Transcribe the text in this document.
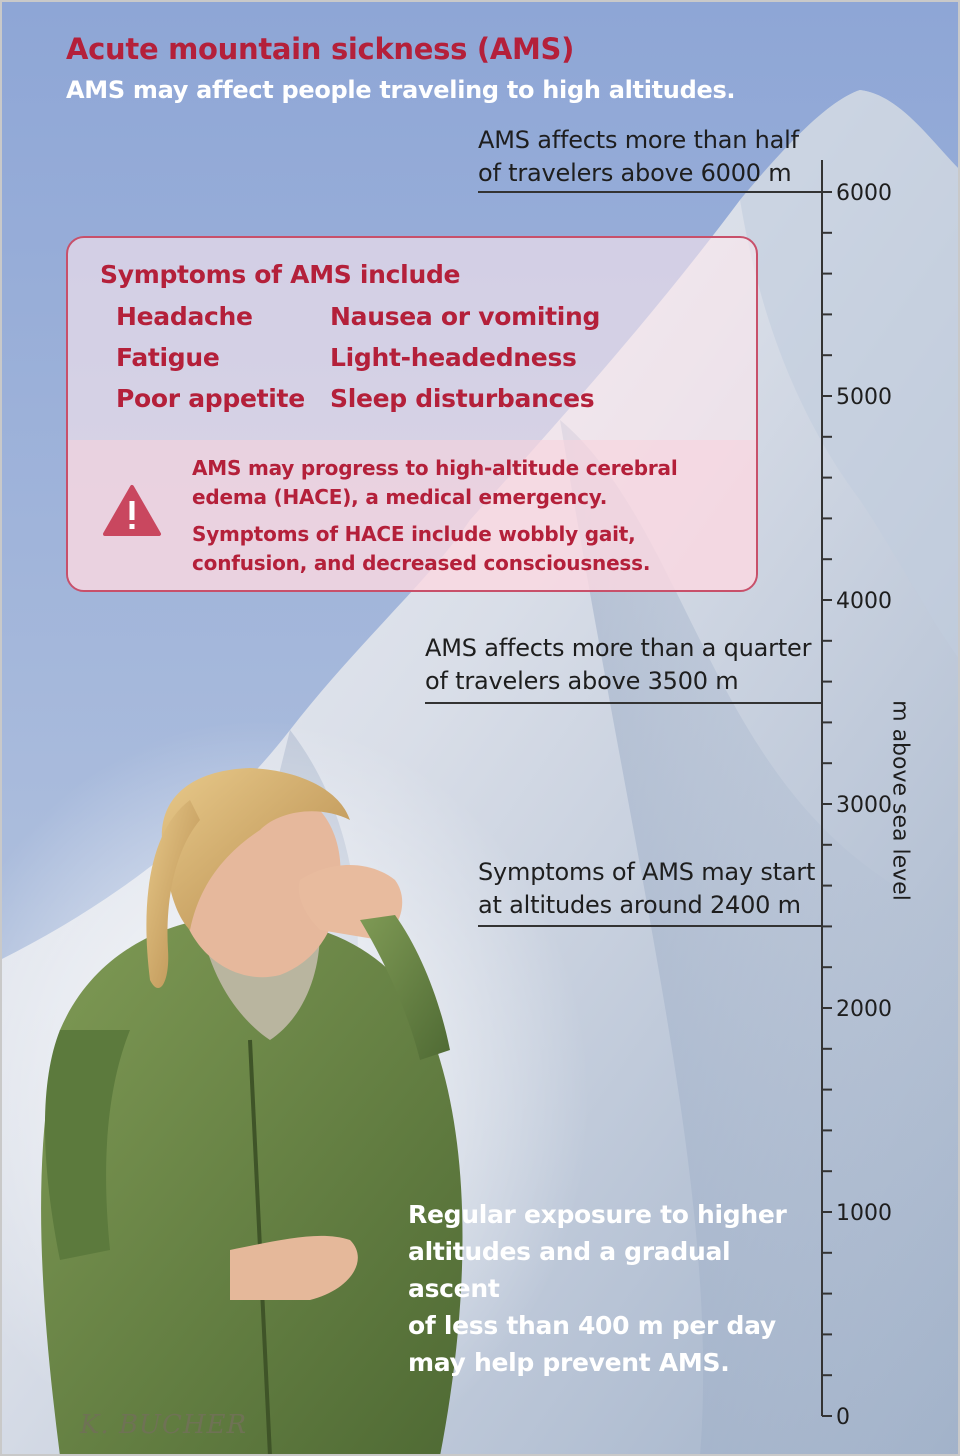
0
1000
2000
3000
4000
5000
6000
Acute mountain sickness (AMS)
AMS may affect people traveling to high altitudes.
AMS affects more than half
of travelers above 6000 m
Symptoms of AMS include
Headache
Fatigue
Poor appetite
Nausea or vomiting
Light-headedness
Sleep disturbances
AMS may progress to high-altitude cerebral
edema (HACE), a medical emergency.
Symptoms of HACE include wobbly gait,
confusion, and decreased consciousness.
AMS affects more than a quarter
of travelers above 3500 m
Symptoms of AMS may start
at altitudes around 2400 m
Regular exposure to higher
altitudes and a gradual ascent
of less than 400 m per day
may help prevent AMS.
m above sea level
K. BUCHER
